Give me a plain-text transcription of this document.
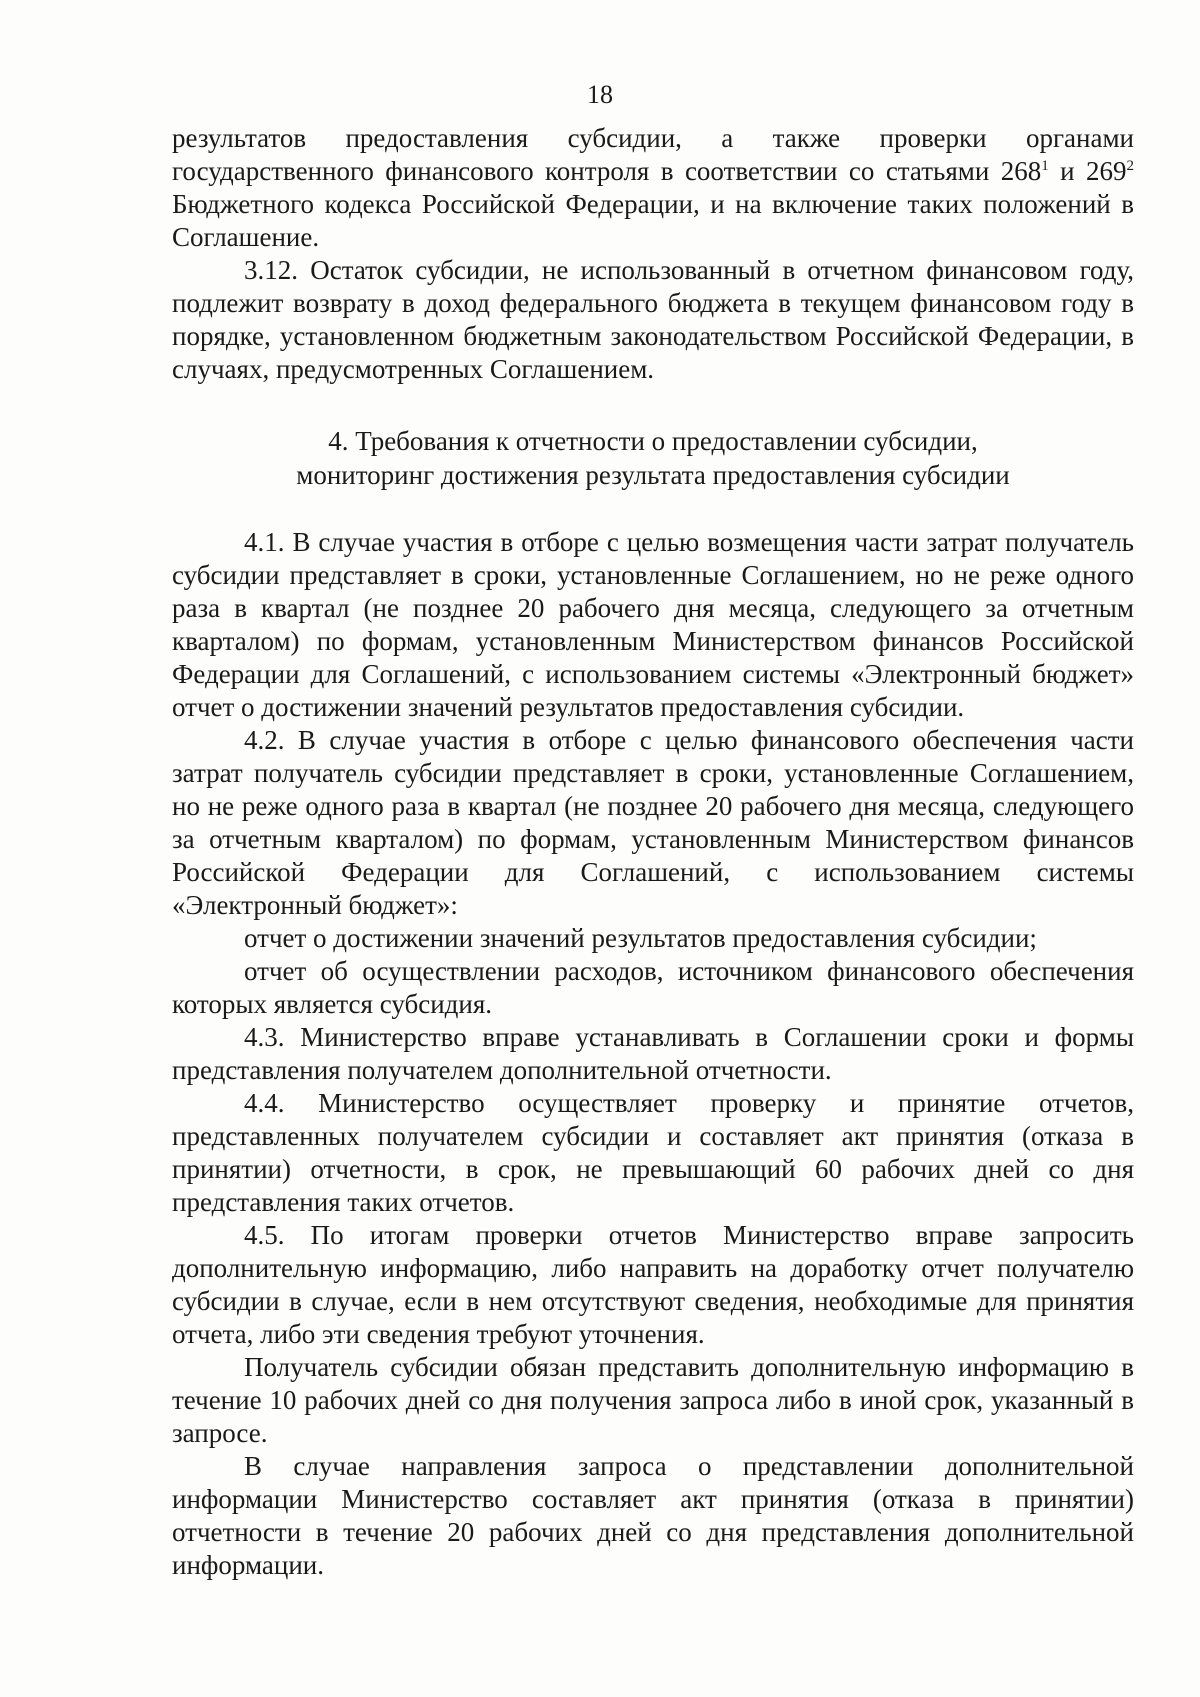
18

результатов предоставления субсидии, а также проверки органами государственного финансового контроля в соответствии со статьями $268^1$ и $269^2$ Бюджетного кодекса Российской Федерации, и на включение таких положений в Соглашение.

3.12. Остаток субсидии, не использованный в отчетном финансовом году, подлежит возврату в доход федерального бюджета в текущем финансовом году в порядке, установленном бюджетным законодательством Российской Федерации, в случаях, предусмотренных Соглашением.

4. Требования к отчетности о предоставлении субсидии,
мониторинг достижения результата предоставления субсидии

4.1. В случае участия в отборе с целью возмещения части затрат получатель субсидии представляет в сроки, установленные Соглашением, но не реже одного раза в квартал (не позднее 20 рабочего дня месяца, следующего за отчетным кварталом) по формам, установленным Министерством финансов Российской Федерации для Соглашений, с использованием системы «Электронный бюджет» отчет о достижении значений результатов предоставления субсидии.

4.2. В случае участия в отборе с целью финансового обеспечения части затрат получатель субсидии представляет в сроки, установленные Соглашением, но не реже одного раза в квартал (не позднее 20 рабочего дня месяца, следующего за отчетным кварталом) по формам, установленным Министерством финансов Российской Федерации для Соглашений, с использованием системы «Электронный бюджет»:

отчет о достижении значений результатов предоставления субсидии;

отчет об осуществлении расходов, источником финансового обеспечения которых является субсидия.

4.3. Министерство вправе устанавливать в Соглашении сроки и формы представления получателем дополнительной отчетности.

4.4. Министерство осуществляет проверку и принятие отчетов, представленных получателем субсидии и составляет акт принятия (отказа в принятии) отчетности, в срок, не превышающий 60 рабочих дней со дня представления таких отчетов.

4.5. По итогам проверки отчетов Министерство вправе запросить дополнительную информацию, либо направить на доработку отчет получателю субсидии в случае, если в нем отсутствуют сведения, необходимые для принятия отчета, либо эти сведения требуют уточнения.

Получатель субсидии обязан представить дополнительную информацию в течение 10 рабочих дней со дня получения запроса либо в иной срок, указанный в запросе.

В случае направления запроса о представлении дополнительной информации Министерство составляет акт принятия (отказа в принятии) отчетности в течение 20 рабочих дней со дня представления дополнительной информации.
